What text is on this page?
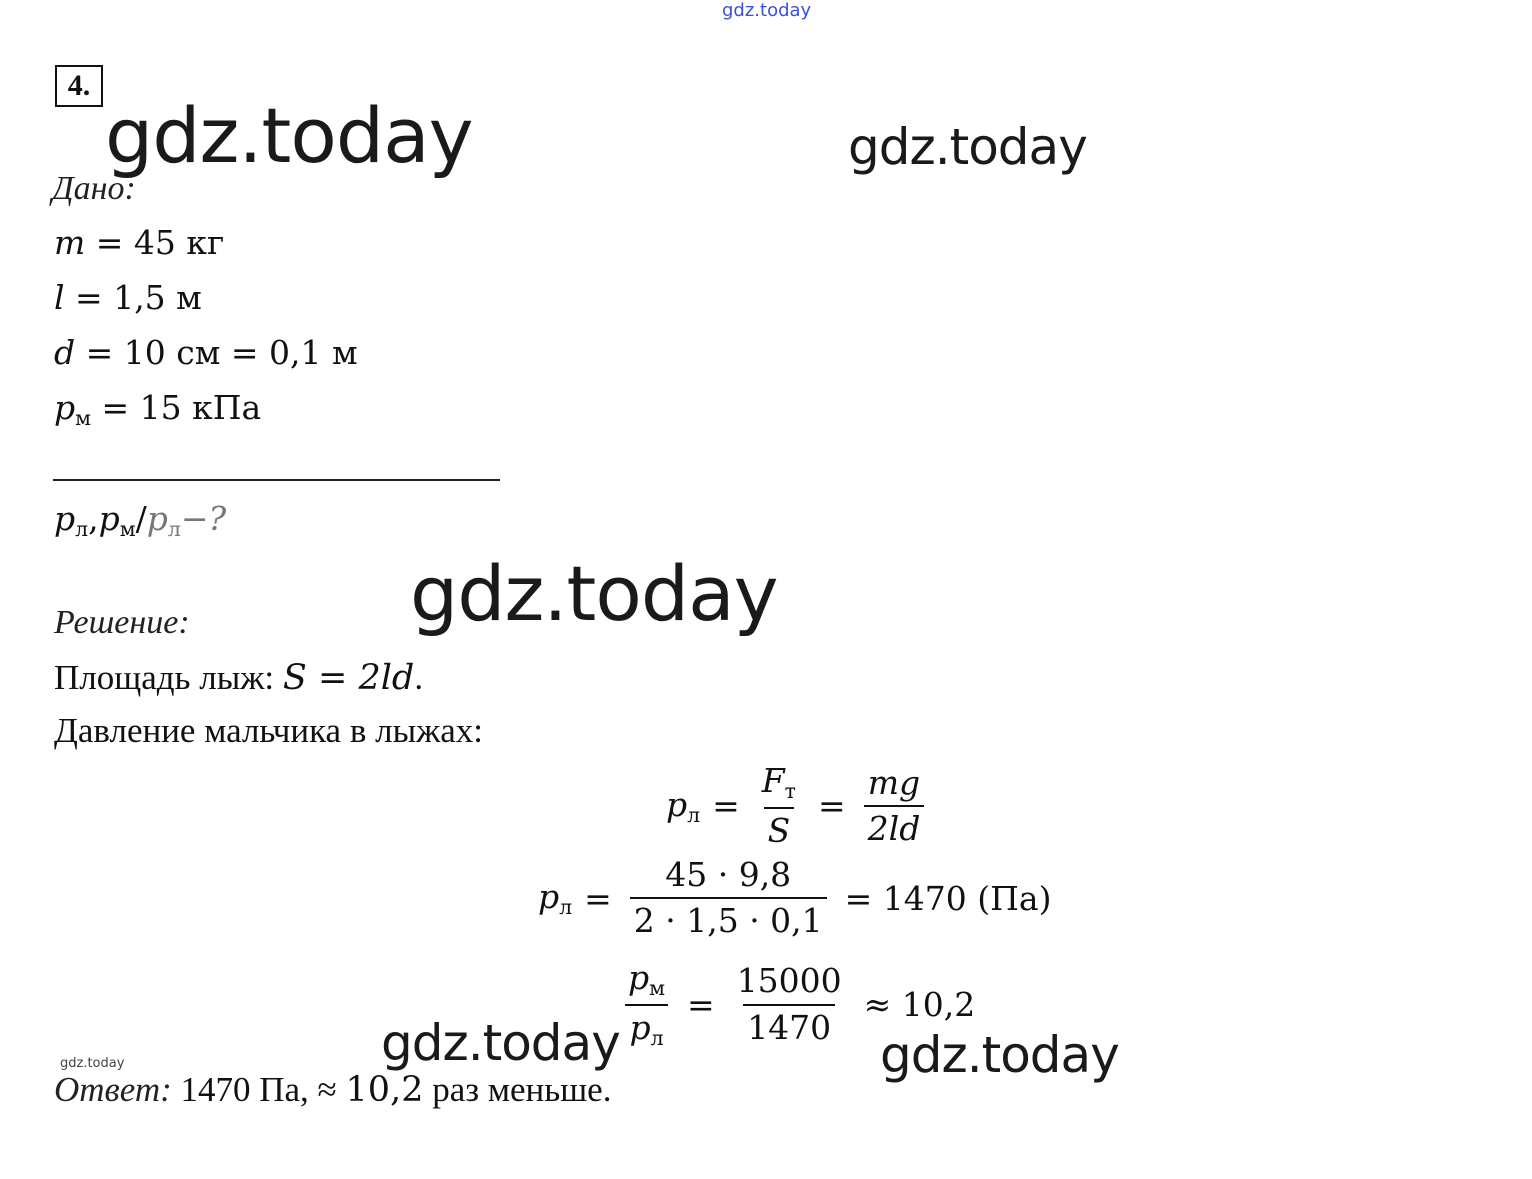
gdz.today
gdz.today	gdz.today
gdz.today
gdz.today	gdz.today
gdz.today
4.
Дано:
m = 45 кг
l = 1,5 м
d = 10 см = 0,1 м
$p_м = 15$ кПа
$p_л,p_м/p_л-$?
Решение:
Площадь лыж: S = 2ld.
Давление мальчика в лыжах:
$p_л = \frac{F_т}{S} = \frac{mg}{2ld}$
$p_л = \frac{45 \cdot 9,8}{2 \cdot 1,5 \cdot 0,1} = 1470$ (Па)
$\frac{p_м}{p_л} = \frac{15000}{1470} \approx 10,2$
Ответ: 1470 Па, ≈ 10,2 раз меньше.
